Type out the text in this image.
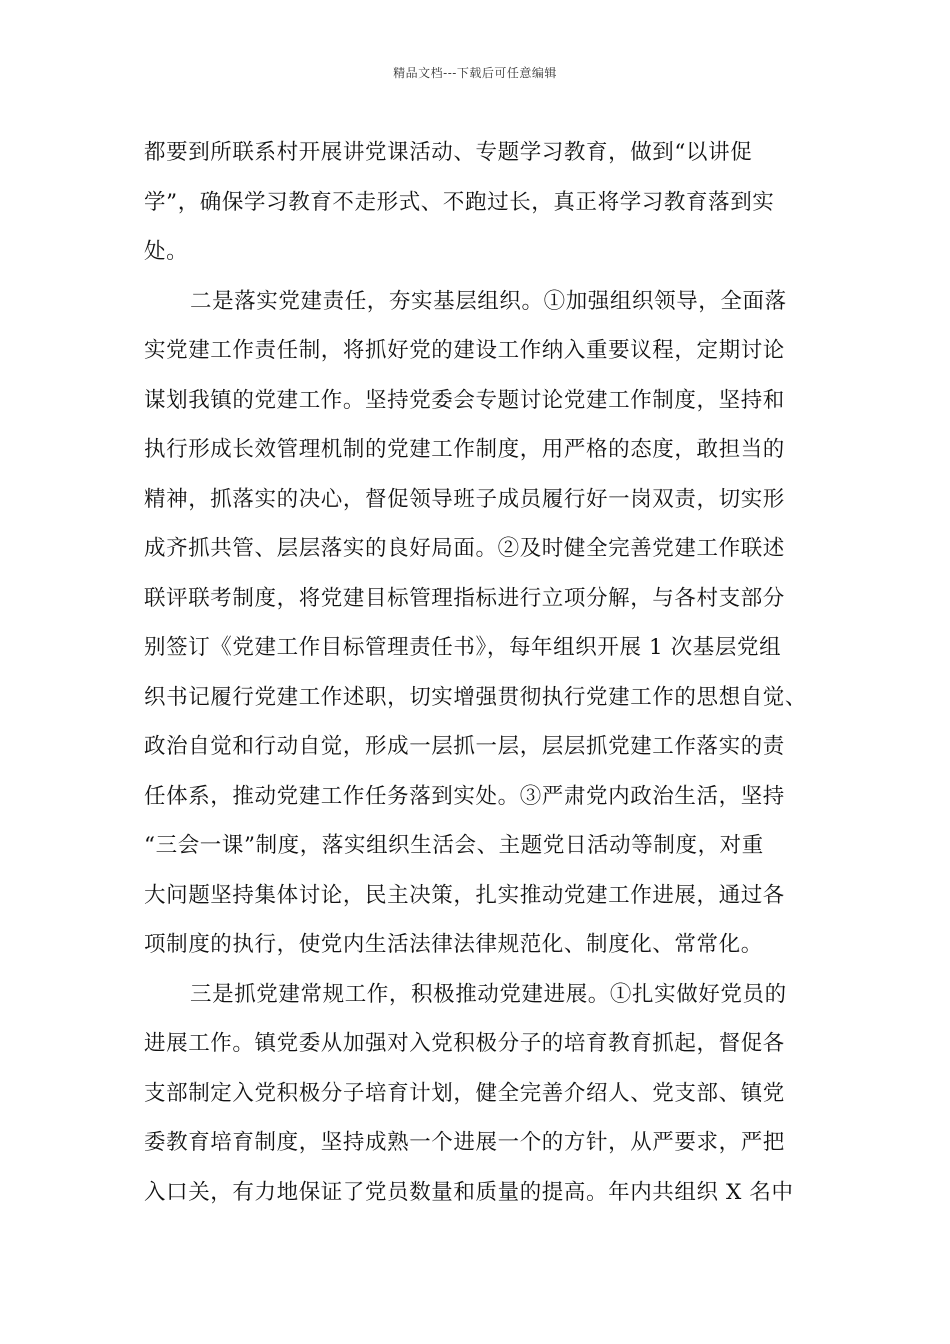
精品文档---下载后可任意编辑
都要到所联系村开展讲党课活动、专题学习教育，做到“以讲促
学”，确保学习教育不走形式、不跑过长，真正将学习教育落到实
处。
二是落实党建责任，夯实基层组织。①加强组织领导，全面落
实党建工作责任制，将抓好党的建设工作纳入重要议程，定期讨论
谋划我镇的党建工作。坚持党委会专题讨论党建工作制度，坚持和
执行形成长效管理机制的党建工作制度，用严格的态度，敢担当的
精神，抓落实的决心，督促领导班子成员履行好一岗双责，切实形
成齐抓共管、层层落实的良好局面。②及时健全完善党建工作联述
联评联考制度，将党建目标管理指标进行立项分解，与各村支部分
别签订《党建工作目标管理责任书》，每年组织开展 1 次基层党组
织书记履行党建工作述职，切实增强贯彻执行党建工作的思想自觉、
政治自觉和行动自觉，形成一层抓一层，层层抓党建工作落实的责
任体系，推动党建工作任务落到实处。③严肃党内政治生活，坚持
“三会一课”制度，落实组织生活会、主题党日活动等制度，对重
大问题坚持集体讨论，民主决策，扎实推动党建工作进展，通过各
项制度的执行，使党内生活法律法律规范化、制度化、常常化。
三是抓党建常规工作，积极推动党建进展。①扎实做好党员的
进展工作。镇党委从加强对入党积极分子的培育教育抓起，督促各
支部制定入党积极分子培育计划，健全完善介绍人、党支部、镇党
委教育培育制度，坚持成熟一个进展一个的方针，从严要求，严把
入口关，有力地保证了党员数量和质量的提高。年内共组织 X 名中
